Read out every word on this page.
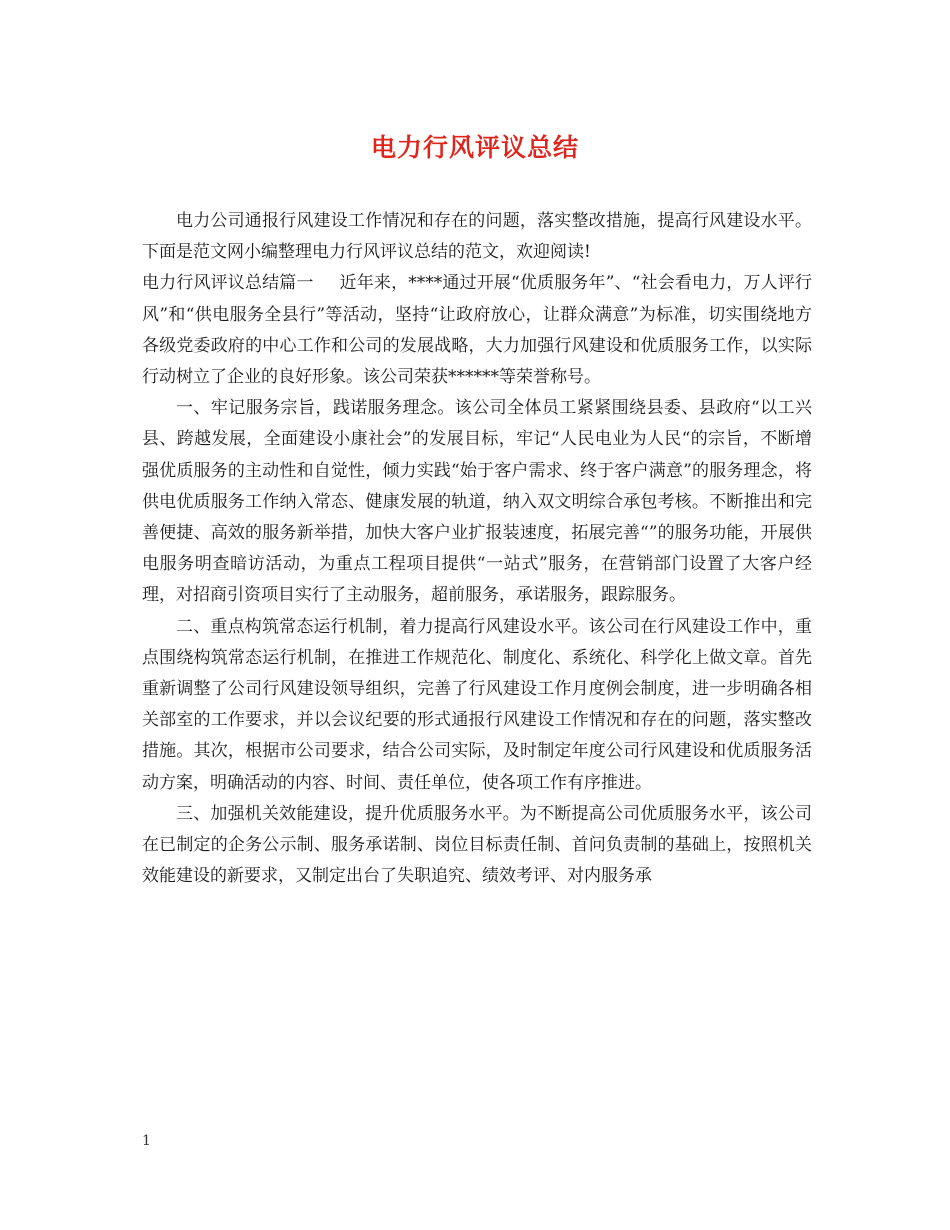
电力行风评议总结

电力公司通报行风建设工作情况和存在的问题，落实整改措施，提高行风建设水平。下面是范文网小编整理电力行风评议总结的范文，欢迎阅读!

电力行风评议总结篇一 近年来，****通过开展“优质服务年”、“社会看电力，万人评行风”和“供电服务全县行”等活动，坚持“让政府放心，让群众满意”为标准，切实围绕地方各级党委政府的中心工作和公司的发展战略，大力加强行风建设和优质服务工作，以实际行动树立了企业的良好形象。该公司荣获******等荣誉称号。

一、牢记服务宗旨，践诺服务理念。该公司全体员工紧紧围绕县委、县政府“以工兴县、跨越发展，全面建设小康社会”的发展目标，牢记“人民电业为人民“的宗旨，不断增强优质服务的主动性和自觉性，倾力实践“始于客户需求、终于客户满意”的服务理念，将供电优质服务工作纳入常态、健康发展的轨道，纳入双文明综合承包考核。不断推出和完善便捷、高效的服务新举措，加快大客户业扩报装速度，拓展完善“”的服务功能，开展供电服务明查暗访活动，为重点工程项目提供“一站式”服务，在营销部门设置了大客户经理，对招商引资项目实行了主动服务，超前服务，承诺服务，跟踪服务。

二、重点构筑常态运行机制，着力提高行风建设水平。该公司在行风建设工作中，重点围绕构筑常态运行机制，在推进工作规范化、制度化、系统化、科学化上做文章。首先重新调整了公司行风建设领导组织，完善了行风建设工作月度例会制度，进一步明确各相关部室的工作要求，并以会议纪要的形式通报行风建设工作情况和存在的问题，落实整改措施。其次，根据市公司要求，结合公司实际，及时制定年度公司行风建设和优质服务活动方案，明确活动的内容、时间、责任单位，使各项工作有序推进。

三、加强机关效能建设，提升优质服务水平。为不断提高公司优质服务水平，该公司在已制定的企务公示制、服务承诺制、岗位目标责任制、首问负责制的基础上，按照机关效能建设的新要求，又制定出台了失职追究、绩效考评、对内服务承

1
